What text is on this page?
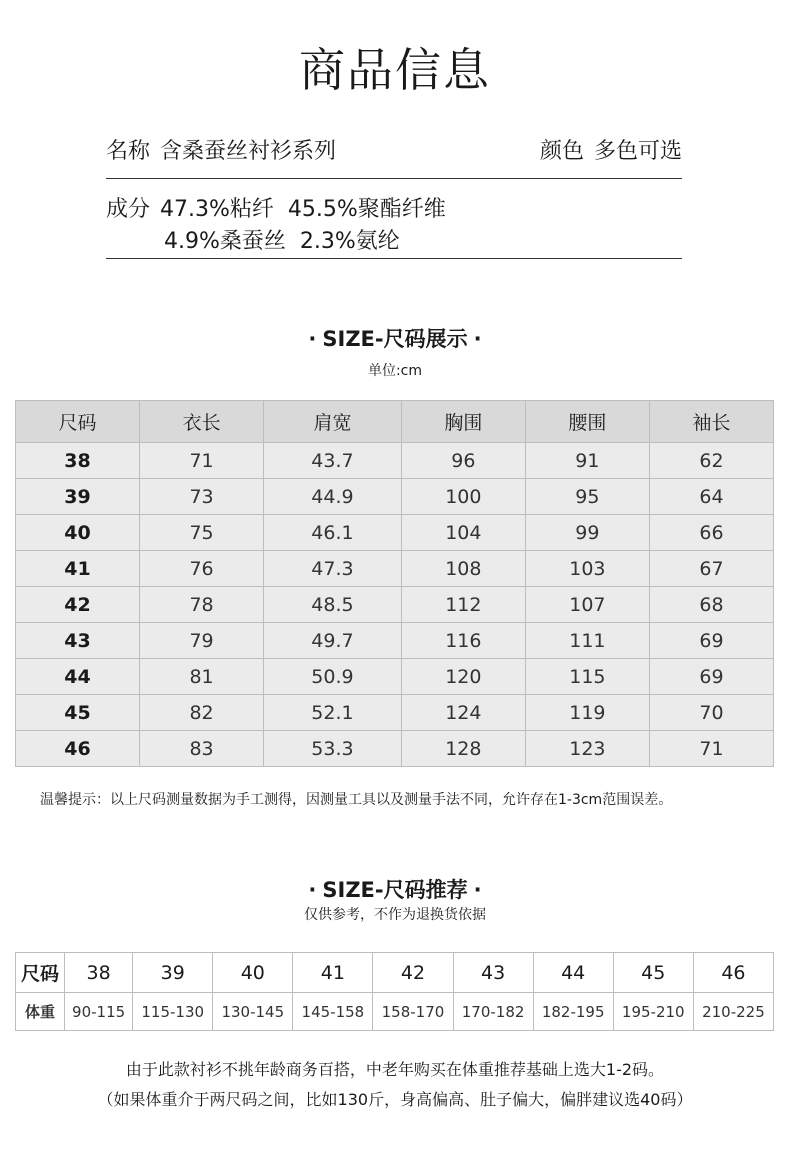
商品信息
名称 含桑蚕丝衬衫系列	颜色 多色可选
成分 47.3%粘纤  45.5%聚酯纤维
4.9%桑蚕丝  2.3%氨纶
· SIZE-尺码展示 ·
单位:cm
尺码	衣长	肩宽	胸围	腰围	袖长
38	71	43.7	96	91	62
39	73	44.9	100	95	64
40	75	46.1	104	99	66
41	76	47.3	108	103	67
42	78	48.5	112	107	68
43	79	49.7	116	111	69
44	81	50.9	120	115	69
45	82	52.1	124	119	70
46	83	53.3	128	123	71
温馨提示：以上尺码测量数据为手工测得，因测量工具以及测量手法不同，允许存在1-3cm范围误差。
· SIZE-尺码推荐 ·
仅供参考，不作为退换货依据
尺码	38	39	40	41	42	43	44	45	46
体重	90-115	115-130	130-145	145-158	158-170	170-182	182-195	195-210	210-225
由于此款衬衫不挑年龄商务百搭，中老年购买在体重推荐基础上选大1-2码。
（如果体重介于两尺码之间，比如130斤，身高偏高、肚子偏大，偏胖建议选40码）
